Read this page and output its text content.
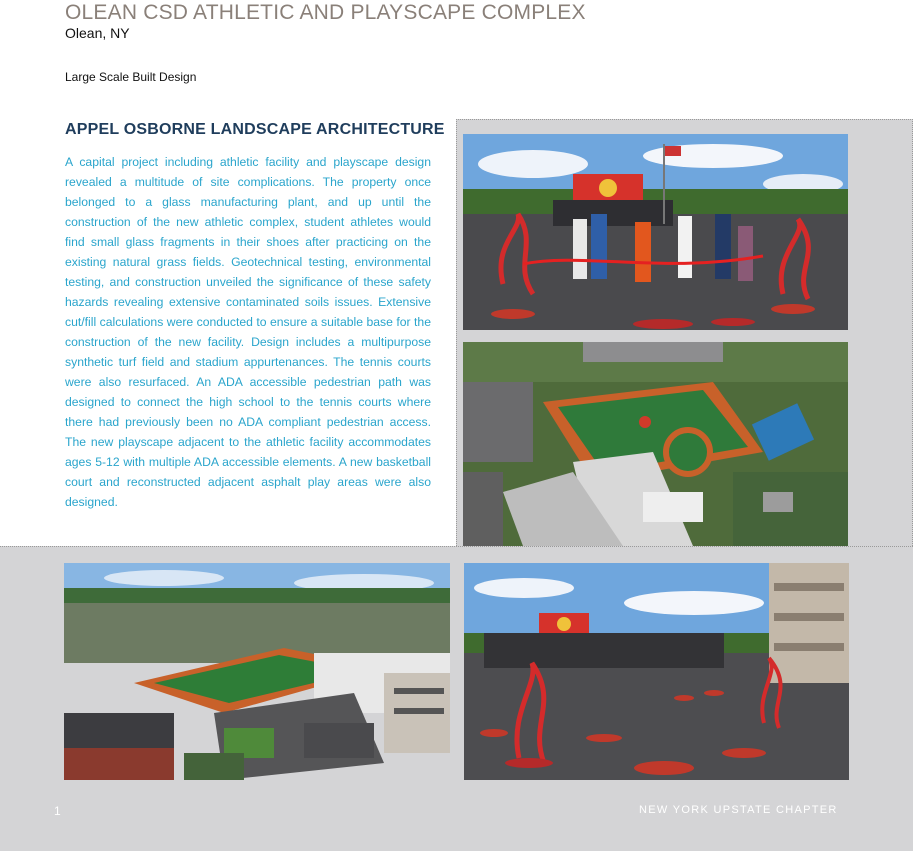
OLEAN CSD ATHLETIC AND PLAYSCAPE COMPLEX
Olean, NY
Large Scale Built Design
APPEL OSBORNE LANDSCAPE ARCHITECTURE
A capital project including athletic facility and playscape design revealed a multitude of site complications. The property once belonged to a glass manufacturing plant, and up until the construction of the new athletic complex, student athletes would find small glass fragments in their shoes after practicing on the existing natural grass fields. Geotechnical testing, environmental testing, and construction unveiled the significance of these safety hazards revealing extensive contaminated soils issues. Extensive cut/fill calculations were conducted to ensure a suitable base for the construction of the new facility. Design includes a multipurpose synthetic turf field and stadium appurtenances. The tennis courts were also resurfaced. An ADA accessible pedestrian path was designed to connect the high school to the tennis courts where there had previously been no ADA compliant pedestrian access. The new playscape adjacent to the athletic facility accommodates ages 5-12 with multiple ADA accessible elements. A new basketball court and reconstructed adjacent asphalt play areas were also designed.
1	NEW YORK UPSTATE CHAPTER
